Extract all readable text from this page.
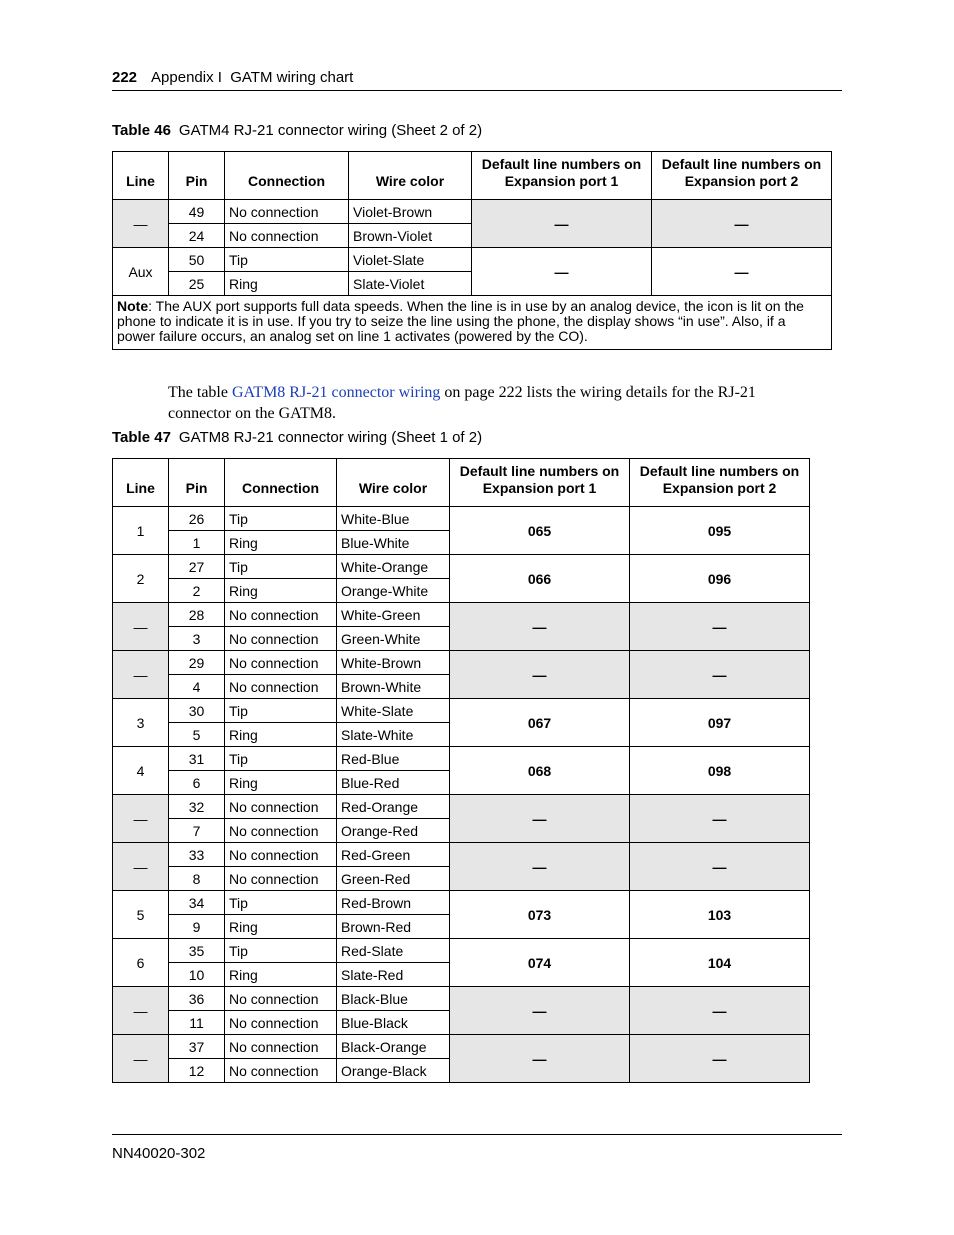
222 Appendix I  GATM wiring chart
Table 46 GATM4 RJ-21 connector wiring (Sheet 2 of 2)
Line	Pin	Connection	Wire color	Default line numbers on Expansion port 1	Default line numbers on Expansion port 2
—	49	No connection	Violet-Brown	—	—
	24	No connection	Brown-Violet		
Aux	50	Tip	Violet-Slate	—	—
	25	Ring	Slate-Violet		
Note: The AUX port supports full data speeds. When the line is in use by an analog device, the icon is lit on the phone to indicate it is in use. If you try to seize the line using the phone, the display shows “in use”. Also, if a power failure occurs, an analog set on line 1 activates (powered by the CO).					
The table GATM8 RJ-21 connector wiring on page 222 lists the wiring details for the RJ-21 connector on the GATM8.
Table 47 GATM8 RJ-21 connector wiring (Sheet 1 of 2)
Line	Pin	Connection	Wire color	Default line numbers on Expansion port 1	Default line numbers on Expansion port 2
1	26	Tip	White-Blue	065	095
	1	Ring	Blue-White		
2	27	Tip	White-Orange	066	096
	2	Ring	Orange-White		
—	28	No connection	White-Green	—	—
	3	No connection	Green-White		
—	29	No connection	White-Brown	—	—
	4	No connection	Brown-White		
3	30	Tip	White-Slate	067	097
	5	Ring	Slate-White		
4	31	Tip	Red-Blue	068	098
	6	Ring	Blue-Red		
—	32	No connection	Red-Orange	—	—
	7	No connection	Orange-Red		
—	33	No connection	Red-Green	—	—
	8	No connection	Green-Red		
5	34	Tip	Red-Brown	073	103
	9	Ring	Brown-Red		
6	35	Tip	Red-Slate	074	104
	10	Ring	Slate-Red		
—	36	No connection	Black-Blue	—	—
	11	No connection	Blue-Black		
—	37	No connection	Black-Orange	—	—
	12	No connection	Orange-Black		
NN40020-302
